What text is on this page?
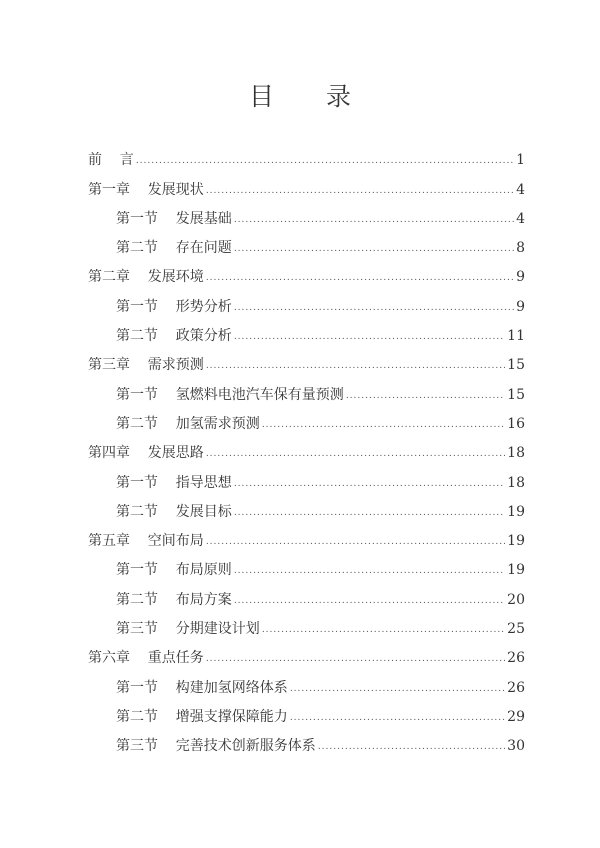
目 录
前    言 .....	1
第一章    发展现状 .....	4
第一节    发展基础 .....	4
第二节    存在问题 .....	8
第二章    发展环境 .....	9
第一节    形势分析 .....	9
第二节    政策分析 .....	11
第三章    需求预测 .....	15
第一节    氢燃料电池汽车保有量预测 .....	15
第二节    加氢需求预测 .....	16
第四章    发展思路 .....	18
第一节    指导思想 .....	18
第二节    发展目标 .....	19
第五章    空间布局 .....	19
第一节    布局原则 .....	19
第二节    布局方案 .....	20
第三节    分期建设计划 .....	25
第六章    重点任务 .....	26
第一节    构建加氢网络体系 .....	26
第二节    增强支撑保障能力 .....	29
第三节    完善技术创新服务体系 .....	30
